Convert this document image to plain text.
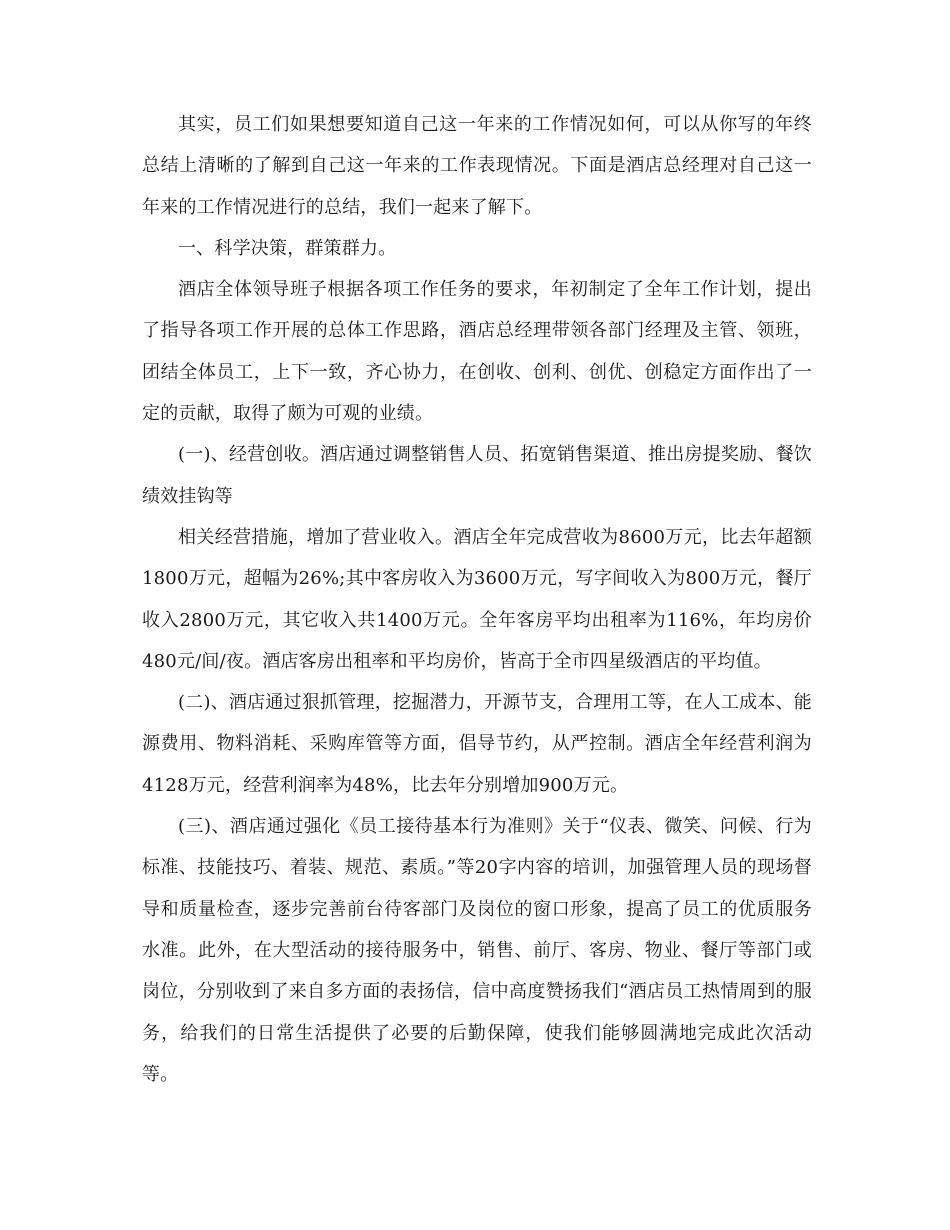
其实，员工们如果想要知道自己这一年来的工作情况如何，可以从你写的年终总结上清晰的了解到自己这一年来的工作表现情况。下面是酒店总经理对自己这一年来的工作情况进行的总结，我们一起来了解下。

一、科学决策，群策群力。

酒店全体领导班子根据各项工作任务的要求，年初制定了全年工作计划，提出了指导各项工作开展的总体工作思路，酒店总经理带领各部门经理及主管、领班，团结全体员工，上下一致，齐心协力，在创收、创利、创优、创稳定方面作出了一定的贡献，取得了颇为可观的业绩。

(一)、经营创收。酒店通过调整销售人员、拓宽销售渠道、推出房提奖励、餐饮绩效挂钩等

相关经营措施，增加了营业收入。酒店全年完成营收为8600万元，比去年超额1800万元，超幅为26%;其中客房收入为3600万元，写字间收入为800万元，餐厅收入2800万元，其它收入共1400万元。全年客房平均出租率为116%，年均房价480元/间/夜。酒店客房出租率和平均房价，皆高于全市四星级酒店的平均值。

(二)、酒店通过狠抓管理，挖掘潜力，开源节支，合理用工等，在人工成本、能源费用、物料消耗、采购库管等方面，倡导节约，从严控制。酒店全年经营利润为4128万元，经营利润率为48%，比去年分别增加900万元。

(三)、酒店通过强化《员工接待基本行为准则》关于“仪表、微笑、问候、行为标准、技能技巧、着装、规范、素质。”等20字内容的培训，加强管理人员的现场督导和质量检查，逐步完善前台待客部门及岗位的窗口形象，提高了员工的优质服务水准。此外，在大型活动的接待服务中，销售、前厅、客房、物业、餐厅等部门或岗位，分别收到了来自多方面的表扬信，信中高度赞扬我们“酒店员工热情周到的服务，给我们的日常生活提供了必要的后勤保障，使我们能够圆满地完成此次活动等。
